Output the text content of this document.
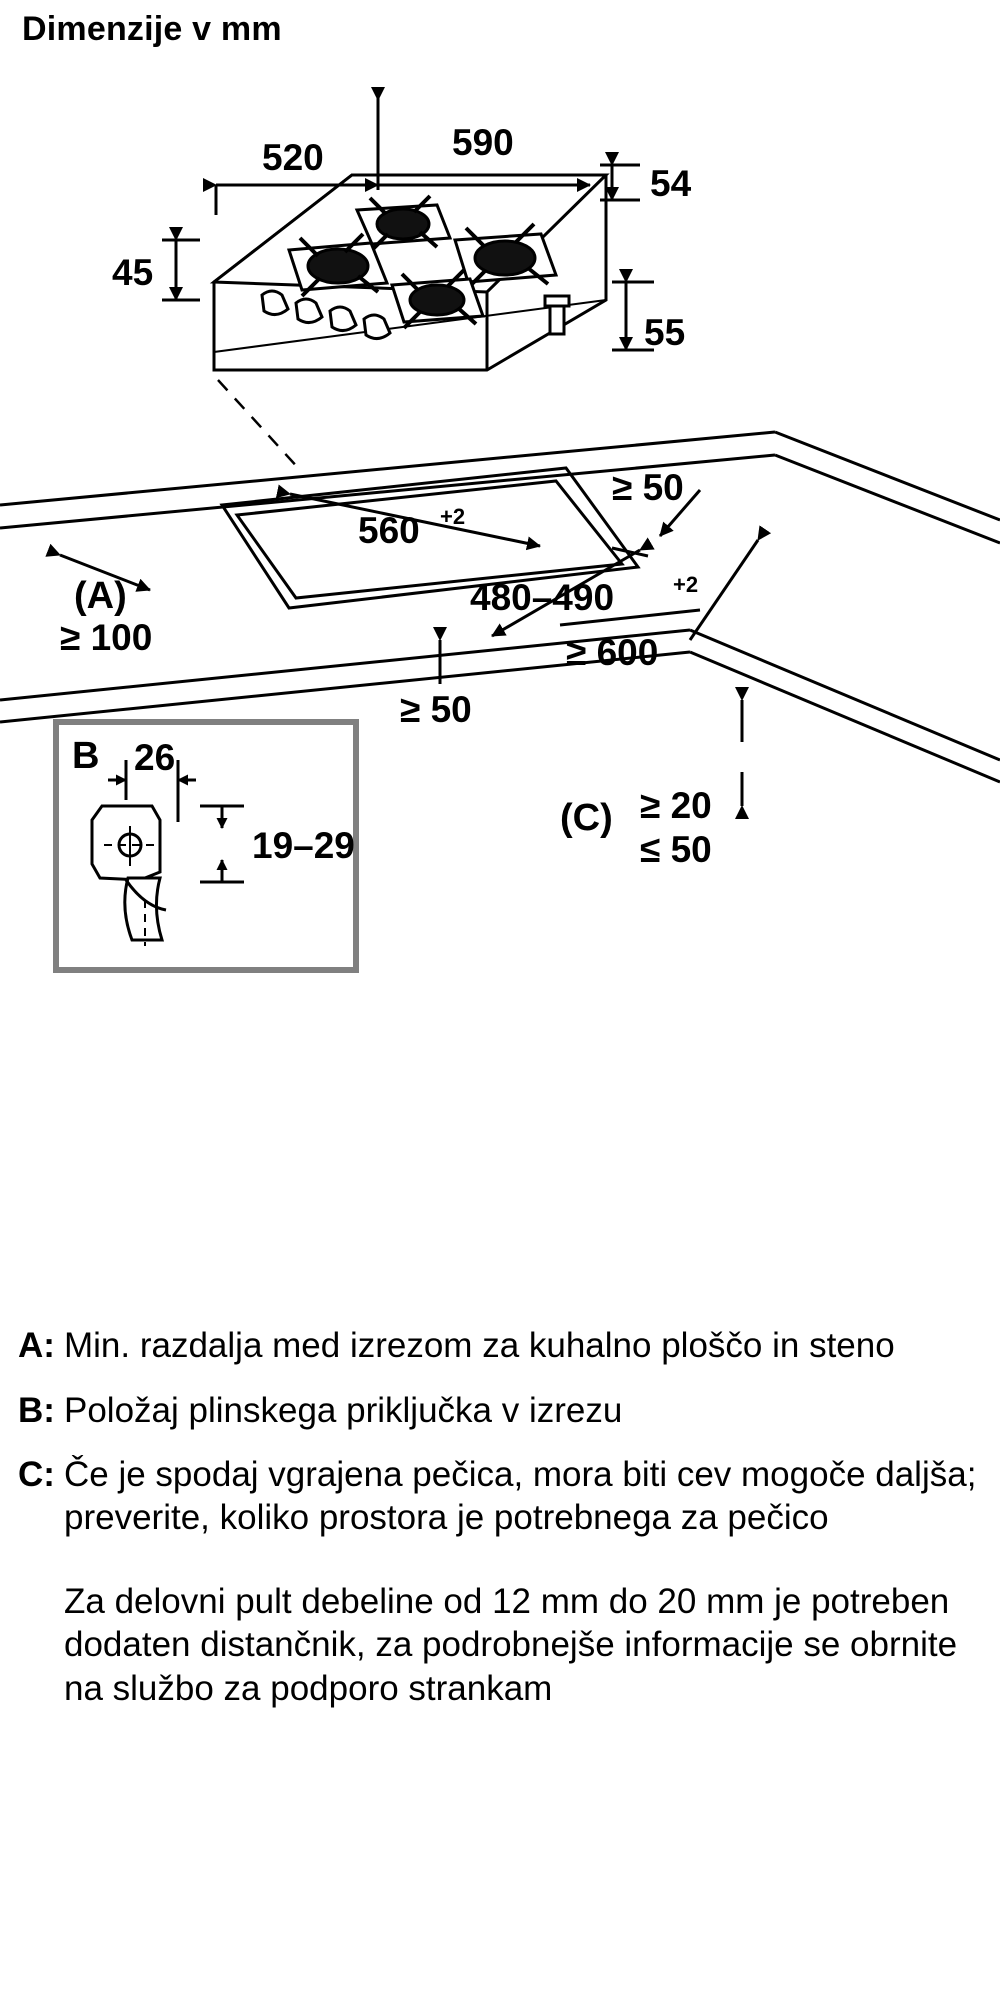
Dimenzije v mm
520	590
54
45
55
560 +2
480–490	+2
≥ 50
(A)
≥ 100	≥ 600
≥ 50
(C) ≥ 20
≤ 50
B 26
19–29
A: Min. razdalja med izrezom za kuhalno ploščo in steno
B: Položaj plinskega priključka v izrezu
C: Če je spodaj vgrajena pečica, mora biti cev mogoče daljša; preverite, koliko prostora je potrebnega za pečico
Za delovni pult debeline od 12 mm do 20 mm je potreben dodaten distančnik, za podrobnejše informacije se obrnite na službo za podporo strankam
